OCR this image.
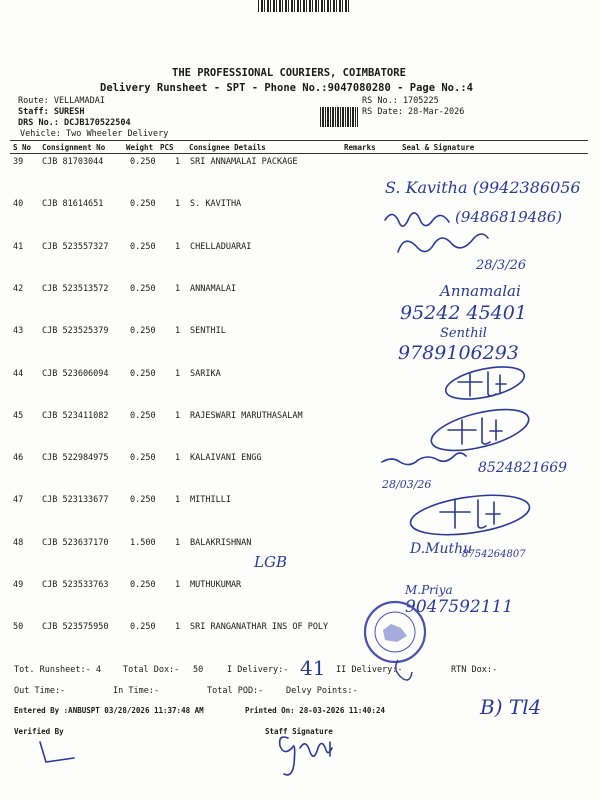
THE PROFESSIONAL COURIERS, COIMBATORE
Delivery Runsheet - SPT - Phone No.:9047080280 - Page No.:4
Route: VELLAMADAI
Staff: SURESH
DRS No.: DCJB170522504
Vehicle: Two Wheeler Delivery
RS No.: 1705225
RS Date: 28-Mar-2026
S No Consignment No	Weight PCS Consignee Details	Remarks	Seal & Signature
39 CJB 81703044	0.250 1 SRI ANNAMALAI PACKAGE
40 CJB 81614651	0.250 1 S. KAVITHA
41 CJB 523557327	0.250 1 CHELLADUARAI
42 CJB 523513572	0.250 1 ANNAMALAI
43 CJB 523525379	0.250 1 SENTHIL
44 CJB 523606094	0.250 1 SARIKA
45 CJB 523411082	0.250 1 RAJESWARI MARUTHASALAM
46 CJB 522984975	0.250 1 KALAIVANI ENGG
47 CJB 523133677	0.250 1 MITHILLI
48 CJB 523637170	1.500 1 BALAKRISHNAN
49 CJB 523533763	0.250 1 MUTHUKUMAR
50 CJB 523575950	0.250 1 SRI RANGANATHAR INS OF POLY
S. Kavitha (9942386056
(9486819486)
28/3/26
Annamalai
95242 45401
Senthil
9789106293
8524821669
28/03/26
D.Muthu
8754264807
LGB
M.Priya
9047592111
41
B) Tl4
Tot. Runsheet:- 4	Total Dox:- 50	I Delivery:-	II Delivery:-	RTN Dox:-
Out Time:-	In Time:-	Total POD:-	Delvy Points:-
Entered By :ANBUSPT 03/28/2026 11:37:48 AM	Printed On: 28-03-2026 11:40:24
Verified By	Staff Signature
